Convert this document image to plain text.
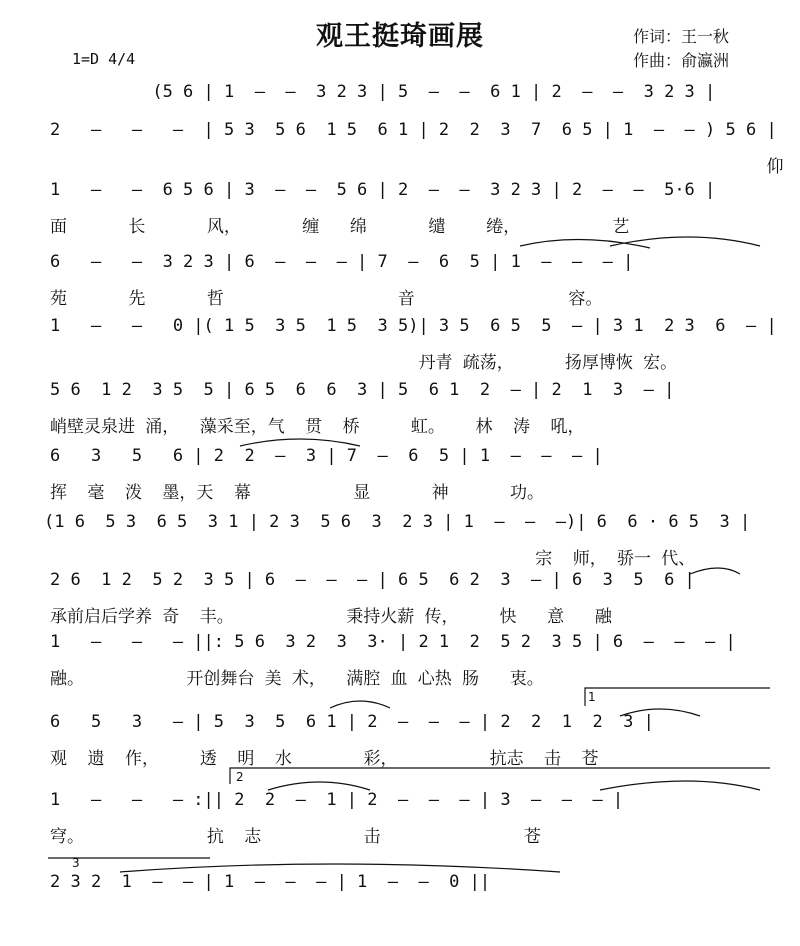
观王挺琦画展	作词：王一秋
作曲：俞瀛洲
1=D 4/4
(5 6 | 1  —  —  3 2 3 | 5  —  —  6 1 | 2  —  —  3 2 3 |
2   —   —   —  | 5 3  5 6  1 5  6 1 | 2  2  3  7  6 5 | 1  —  — ) 5 6 |
仰
1   —   —  6 5 6 | 3  —  —  5 6 | 2  —  —  3 2 3 | 2  —  —  5·6 |
面      长      风，      缠   绵      缱    绻，         艺
6   —   —  3 2 3 | 6  —  —  — | 7  —  6  5 | 1  —  —  — |
苑      先      哲                 音               容。
1   —   —   0 |( 1 5  3 5  1 5  3 5)| 3 5  6 5  5  — | 3 1  2 3  6  — |
丹青 疏荡，     扬厚博恢 宏。
5 6  1 2  3 5  5 | 6 5  6  6  3 | 5  6 1  2  — | 2  1  3  — |
峭壁灵泉进 涌，  藻采至，气  贯  桥     虹。   林  涛  吼，
6   3   5   6 | 2  2  —  3 | 7  —  6  5 | 1  —  —  — |
挥  毫  泼  墨，天  幕          显      神      功。
(1 6  5 3  6 5  3 1 | 2 3  5 6  3  2 3 | 1  —  —  —)| 6  6 · 6 5  3 |
宗  师， 骄一 代、
2 6  1 2  5 2  3 5 | 6  —  —  — | 6 5  6 2  3  — | 6  3  5  6 |
承前启后学养 奇  丰。           秉持火薪 传，    快   意   融
1   —   —   — ||: 5 6  3 2  3  3· | 2 1  2  5 2  3 5 | 6  —  —  — |
融。          开创舞台 美 术，  满腔 血 心热 肠   衷。
6   5   3   — | 5  3  5  6 1 | 2  —  —  — | 2  2  1  2  3 |
观  遗  作，    透  明  水       彩，         抗志  击  苍
1   —   —   — :|| 2  2  —  1 | 2  —  —  — | 3  —  —  — |
穹。            抗  志          击              苍
2 3 2  1  —  — | 1  —  —  — | 1  —  —  0 ||
1
2
3
